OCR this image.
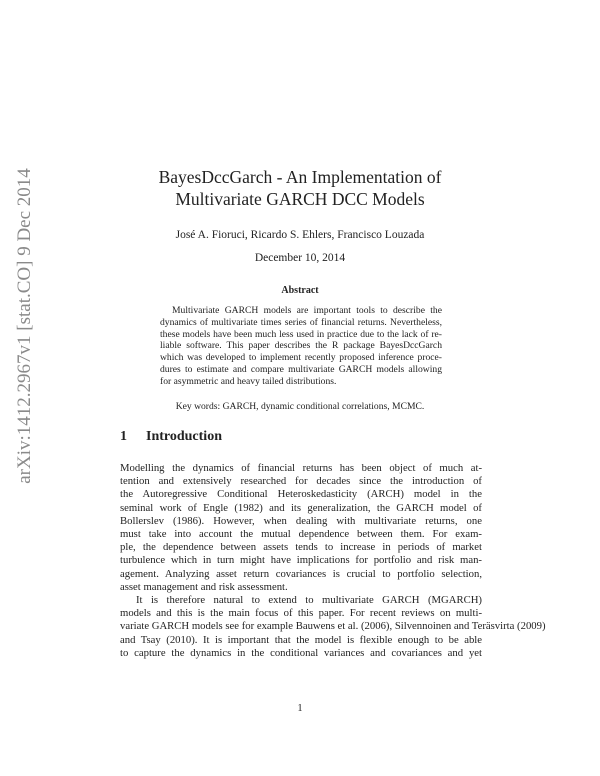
arXiv:1412.2967v1 [stat.CO] 9 Dec 2014	BayesDccGarch - An Implementation of
Multivariate GARCH DCC Models
José A. Fioruci, Ricardo S. Ehlers, Francisco Louzada
December 10, 2014
Abstract
Multivariate GARCH models are important tools to describe the
dynamics of multivariate times series of financial returns. Nevertheless,
these models have been much less used in practice due to the lack of re-
liable software. This paper describes the R package BayesDccGarch
which was developed to implement recently proposed inference proce-
dures to estimate and compare multivariate GARCH models allowing
for asymmetric and heavy tailed distributions.
Key words: GARCH, dynamic conditional correlations, MCMC.
1 Introduction
Modelling the dynamics of financial returns has been object of much at-
tention and extensively researched for decades since the introduction of
the Autoregressive Conditional Heteroskedasticity (ARCH) model in the
seminal work of Engle (1982) and its generalization, the GARCH model of
Bollerslev (1986). However, when dealing with multivariate returns, one
must take into account the mutual dependence between them. For exam-
ple, the dependence between assets tends to increase in periods of market
turbulence which in turn might have implications for portfolio and risk man-
agement. Analyzing asset return covariances is crucial to portfolio selection,
asset management and risk assessment.
It is therefore natural to extend to multivariate GARCH (MGARCH)
models and this is the main focus of this paper. For recent reviews on multi-
variate GARCH models see for example Bauwens et al. (2006), Silvennoinen and Teräsvirta (2009)
and Tsay (2010). It is important that the model is flexible enough to be able
to capture the dynamics in the conditional variances and covariances and yet
1
